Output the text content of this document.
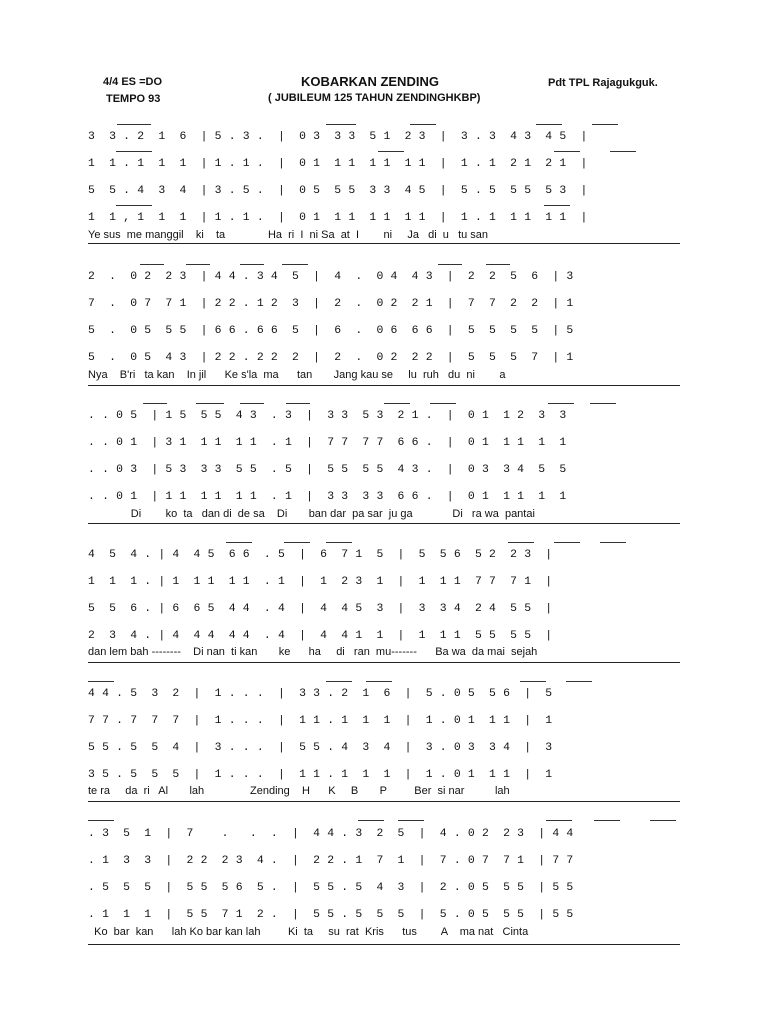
4/4 ES =DO
TEMPO 93
KOBARKAN ZENDING
( JUBILEUM 125 TAHUN ZENDINGHKBP)
Pdt TPL Rajagukguk.
3  3 . 2  1  6  | 5 . 3 .  |  0 3  3 3  5 1  2 3  |  3 . 3  4 3  4 5  |
1  1 . 1  1  1  | 1 . 1 .  |  0 1  1 1  1 1  1 1  |  1 . 1  2 1  2 1  |
5  5 . 4  3  4  | 3 . 5 .  |  0 5  5 5  3 3  4 5  |  5 . 5  5 5  5 3  |
1  1 , 1  1  1  | 1 . 1 .  |  0 1  1 1  1 1  1 1  |  1 . 1  1 1  1 1  |
Ye sus  me manggil    ki    ta              Ha  ri  I  ni Sa  at  I        ni     Ja   di  u   tu san
2  .  0 2  2 3  | 4 4 . 3 4  5  |  4  .  0 4  4 3  |  2  2  5  6  | 3
7  .  0 7  7 1  | 2 2 . 1 2  3  |  2  .  0 2  2 1  |  7  7  2  2  | 1
5  .  0 5  5 5  | 6 6 . 6 6  5  |  6  .  0 6  6 6  |  5  5  5  5  | 5
5  .  0 5  4 3  | 2 2 . 2 2  2  |  2  .  0 2  2 2  |  5  5  5  7  | 1
Nya    B'ri   ta kan    In jil      Ke s'la  ma      tan       Jang kau se     lu  ruh   du  ni        a
. . 0 5  | 1 5  5 5  4 3  . 3  |  3 3  5 3  2 1 .  |  0 1  1 2  3  3
. . 0 1  | 3 1  1 1  1 1  . 1  |  7 7  7 7  6 6 .  |  0 1  1 1  1  1
. . 0 3  | 5 3  3 3  5 5  . 5  |  5 5  5 5  4 3 .  |  0 3  3 4  5  5
. . 0 1  | 1 1  1 1  1 1  . 1  |  3 3  3 3  6 6 .  |  0 1  1 1  1  1
Di        ko  ta   dan di  de sa    Di       ban dar  pa sar  ju ga             Di   ra wa  pantai
4  5  4 . | 4  4 5  6 6  . 5  |  6  7 1  5  |  5  5 6  5 2  2 3  |
1  1  1 . | 1  1 1  1 1  . 1  |  1  2 3  1  |  1  1 1  7 7  7 1  |
5  5  6 . | 6  6 5  4 4  . 4  |  4  4 5  3  |  3  3 4  2 4  5 5  |
2  3  4 . | 4  4 4  4 4  . 4  |  4  4 1  1  |  1  1 1  5 5  5 5  |
dan lem bah --------    Di nan  ti kan       ke      ha     di   ran  mu-------      Ba wa  da mai  sejah
4 4 . 5  3  2  |  1 . . .  |  3 3 . 2  1  6  |  5 . 0 5  5 6  |  5
7 7 . 7  7  7  |  1 . . .  |  1 1 . 1  1  1  |  1 . 0 1  1 1  |  1
5 5 . 5  5  4  |  3 . . .  |  5 5 . 4  3  4  |  3 . 0 3  3 4  |  3
3 5 . 5  5  5  |  1 . . .  |  1 1 . 1  1  1  |  1 . 0 1  1 1  |  1
te ra     da  ri   Al       lah               Zending    H      K     B       P         Ber  si nar          lah
. 3  5  1  |  7    .   .  .  |  4 4 . 3  2  5  |  4 . 0 2  2 3  | 4 4
. 1  3  3  |  2 2  2 3  4 .  |  2 2 . 1  7  1  |  7 . 0 7  7 1  | 7 7
. 5  5  5  |  5 5  5 6  5 .  |  5 5 . 5  4  3  |  2 . 0 5  5 5  | 5 5
. 1  1  1  |  5 5  7 1  2 .  |  5 5 . 5  5  5  |  5 . 0 5  5 5  | 5 5
Ko  bar  kan      lah Ko bar kan lah         Ki  ta     su  rat  Kris      tus        A    ma nat   Cinta
